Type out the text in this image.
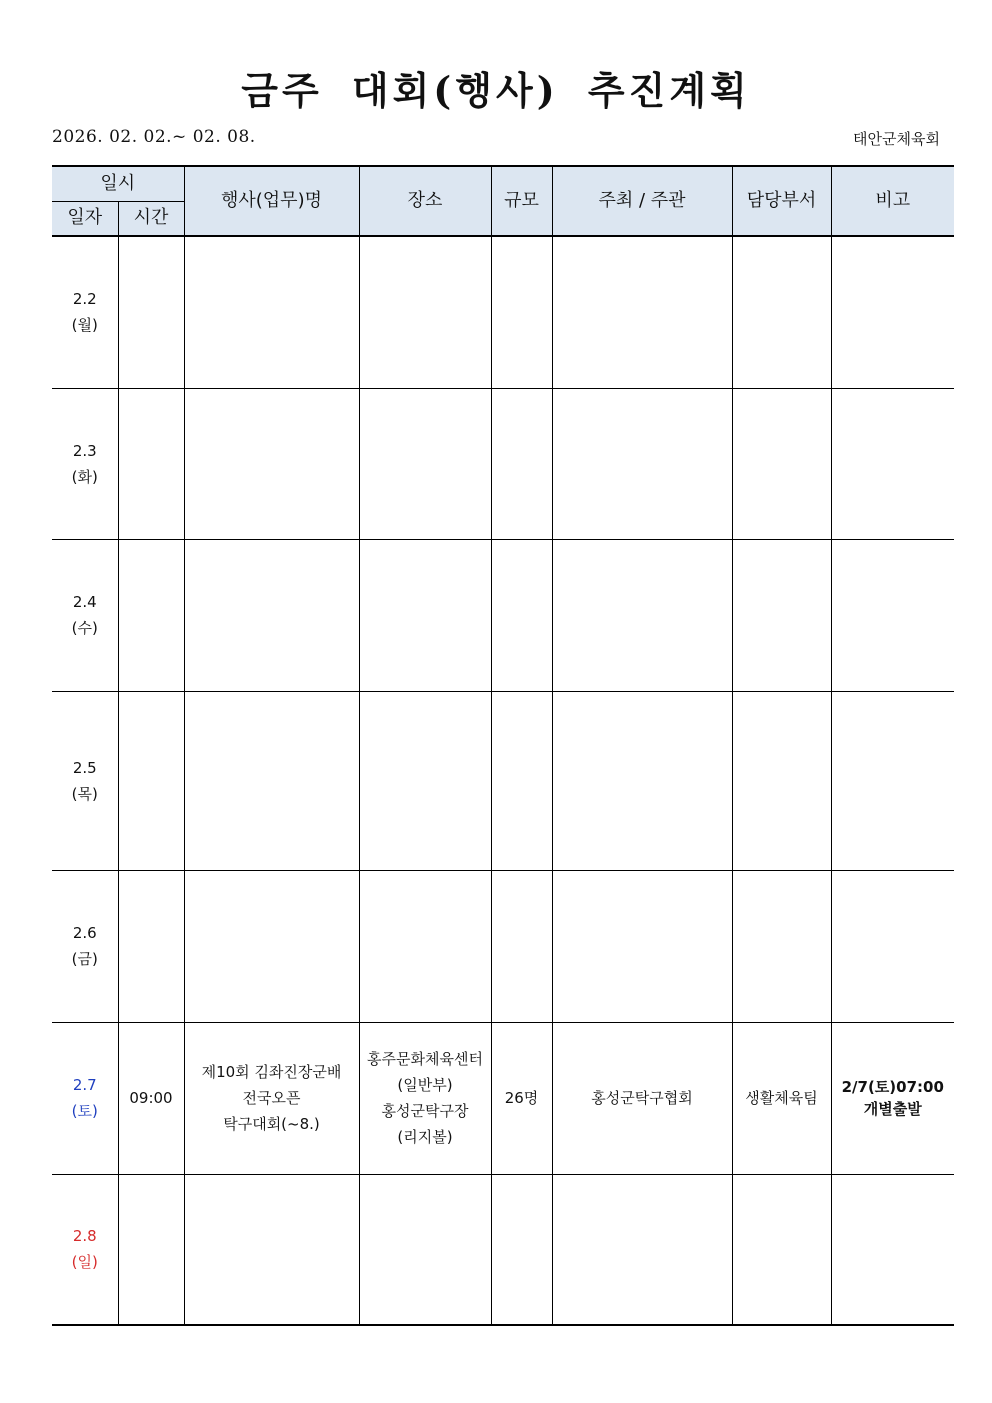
금주 대회(행사) 추진계획
2026. 02. 02.~ 02. 08.	태안군체육회
일시		행사(업무)명	장소	규모	주최 / 주관	담당부서	비고
일자	시간						

2.2
(월)							

2.3
(화)							

2.4
(수)							

2.5
(목)							

2.6
(금)							

2.7
(토)	09:00	제10회 김좌진장군배
전국오픈
탁구대회(~8.)	홍주문화체육센터
(일반부)
홍성군탁구장
(리지볼)	26명	홍성군탁구협회	생활체육팀	2/7(토)07:00
개별출발

2.8
(일)							
